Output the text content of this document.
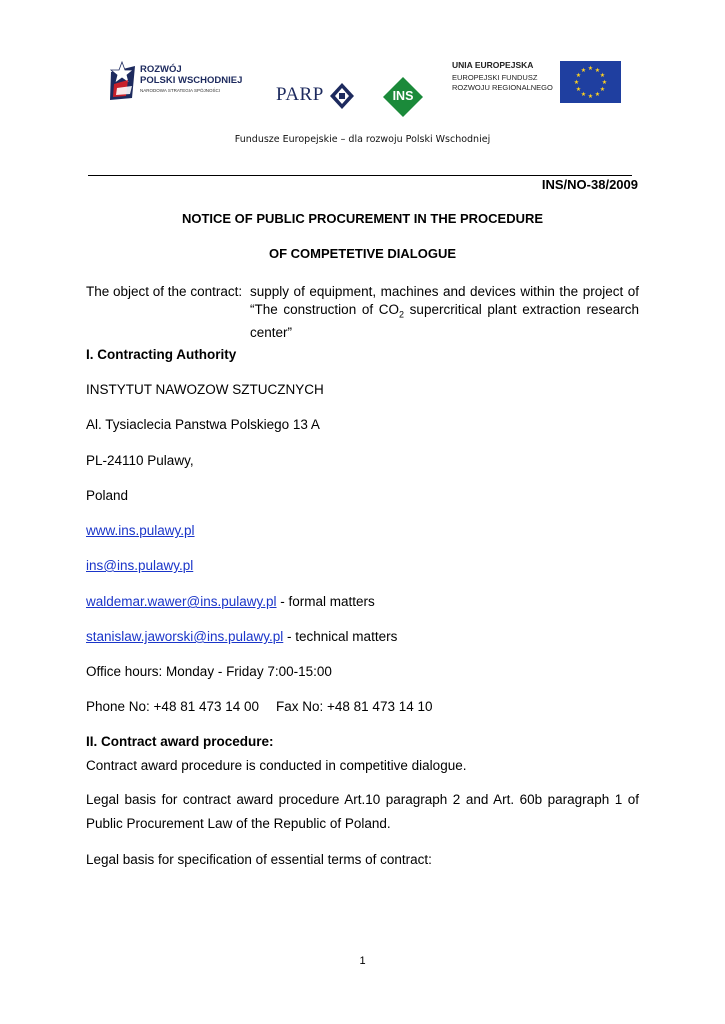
ROZWÓJ
POLSKI WSCHODNIEJ
NARODOWA STRATEGIA SPÓJNOŚCI	PARP	INS
UNIA EUROPEJSKA
EUROPEJSKI FUNDUSZ
ROZWOJU REGIONALNEGO
★ ★
★
★
★
★
★
★
★
★
★
★
Fundusze Europejskie – dla rozwoju Polski Wschodniej
INS/NO-38/2009
NOTICE OF PUBLIC PROCUREMENT IN THE PROCEDURE
OF COMPETETIVE DIALOGUE
The object of the contract: supply of equipment, machines and devices within the project of “The construction of $CO_2$ supercritical plant extraction research center”
I. Contracting Authority
INSTYTUT NAWOZOW SZTUCZNYCH
Al. Tysiaclecia Panstwa Polskiego 13 A
PL-24110 Pulawy,
Poland
www.ins.pulawy.pl
ins@ins.pulawy.pl
waldemar.wawer@ins.pulawy.pl - formal matters
stanislaw.jaworski@ins.pulawy.pl - technical matters
Office hours: Monday - Friday 7:00-15:00
Phone No: +48 81 473 14 00 Fax No: +48 81 473 14 10
II. Contract award procedure:
Contract award procedure is conducted in competitive dialogue.
Legal basis for contract award procedure Art.10 paragraph 2 and Art. 60b paragraph 1 of Public Procurement Law of the Republic of Poland.
Legal basis for specification of essential terms of contract:
1
